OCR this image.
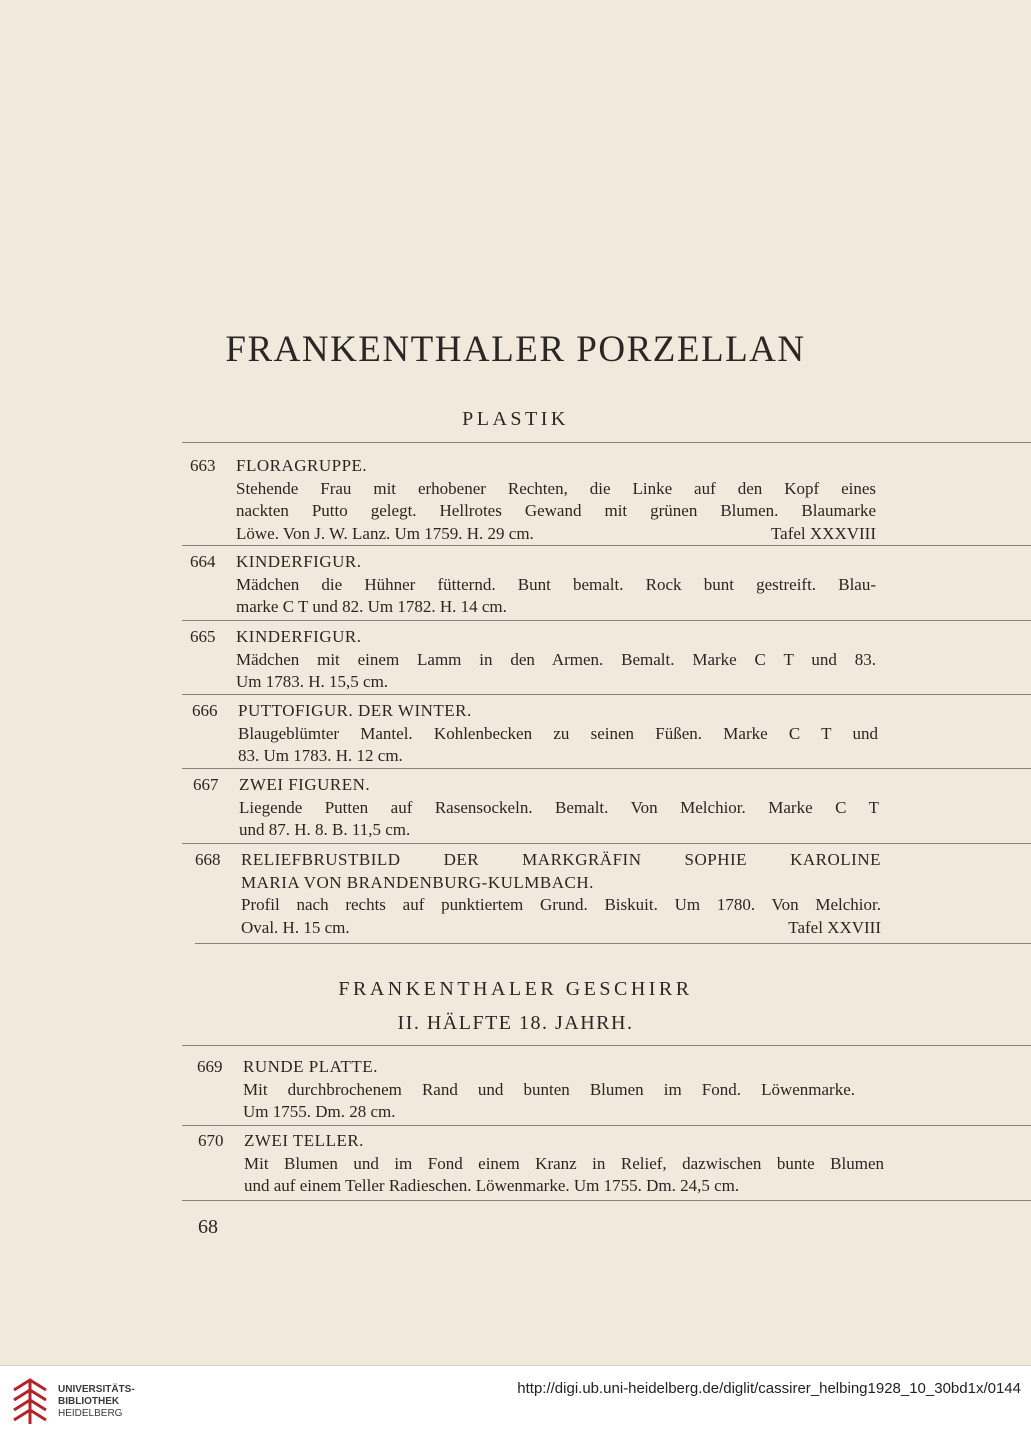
FRANKENTHALER PORZELLAN
PLASTIK
663 FLORAGRUPPE.
Stehende Frau mit erhobener Rechten, die Linke auf den Kopf eines
nackten Putto gelegt. Hellrotes Gewand mit grünen Blumen. Blaumarke
Löwe. Von J. W. Lanz. Um 1759. H. 29 cm.	Tafel XXXVIII
664 KINDERFIGUR.
Mädchen die Hühner fütternd. Bunt bemalt. Rock bunt gestreift. Blau-
marke C T und 82. Um 1782. H. 14 cm.
665 KINDERFIGUR.
Mädchen mit einem Lamm in den Armen. Bemalt. Marke C T und 83.
Um 1783. H. 15,5 cm.
666 PUTTOFIGUR. DER WINTER.
Blaugeblümter Mantel. Kohlenbecken zu seinen Füßen. Marke C T und
83. Um 1783. H. 12 cm.
667 ZWEI FIGUREN.
Liegende Putten auf Rasensockeln. Bemalt. Von Melchior. Marke C T
und 87. H. 8. B. 11,5 cm.
668 RELIEFBRUSTBILD DER MARKGRÄFIN SOPHIE KAROLINE
MARIA VON BRANDENBURG-KULMBACH.
Profil nach rechts auf punktiertem Grund. Biskuit. Um 1780. Von Melchior.
Oval. H. 15 cm.	Tafel XXVIII
FRANKENTHALER GESCHIRR
II. HÄLFTE 18. JAHRH.
669 RUNDE PLATTE.
Mit durchbrochenem Rand und bunten Blumen im Fond. Löwenmarke.
Um 1755. Dm. 28 cm.
670 ZWEI TELLER.
Mit Blumen und im Fond einem Kranz in Relief, dazwischen bunte Blumen
und auf einem Teller Radieschen. Löwenmarke. Um 1755. Dm. 24,5 cm.
68
UNIVERSITÄTS-
BIBLIOTHEK
HEIDELBERG
http://digi.ub.uni-heidelberg.de/diglit/cassirer_helbing1928_10_30bd1x/0144
